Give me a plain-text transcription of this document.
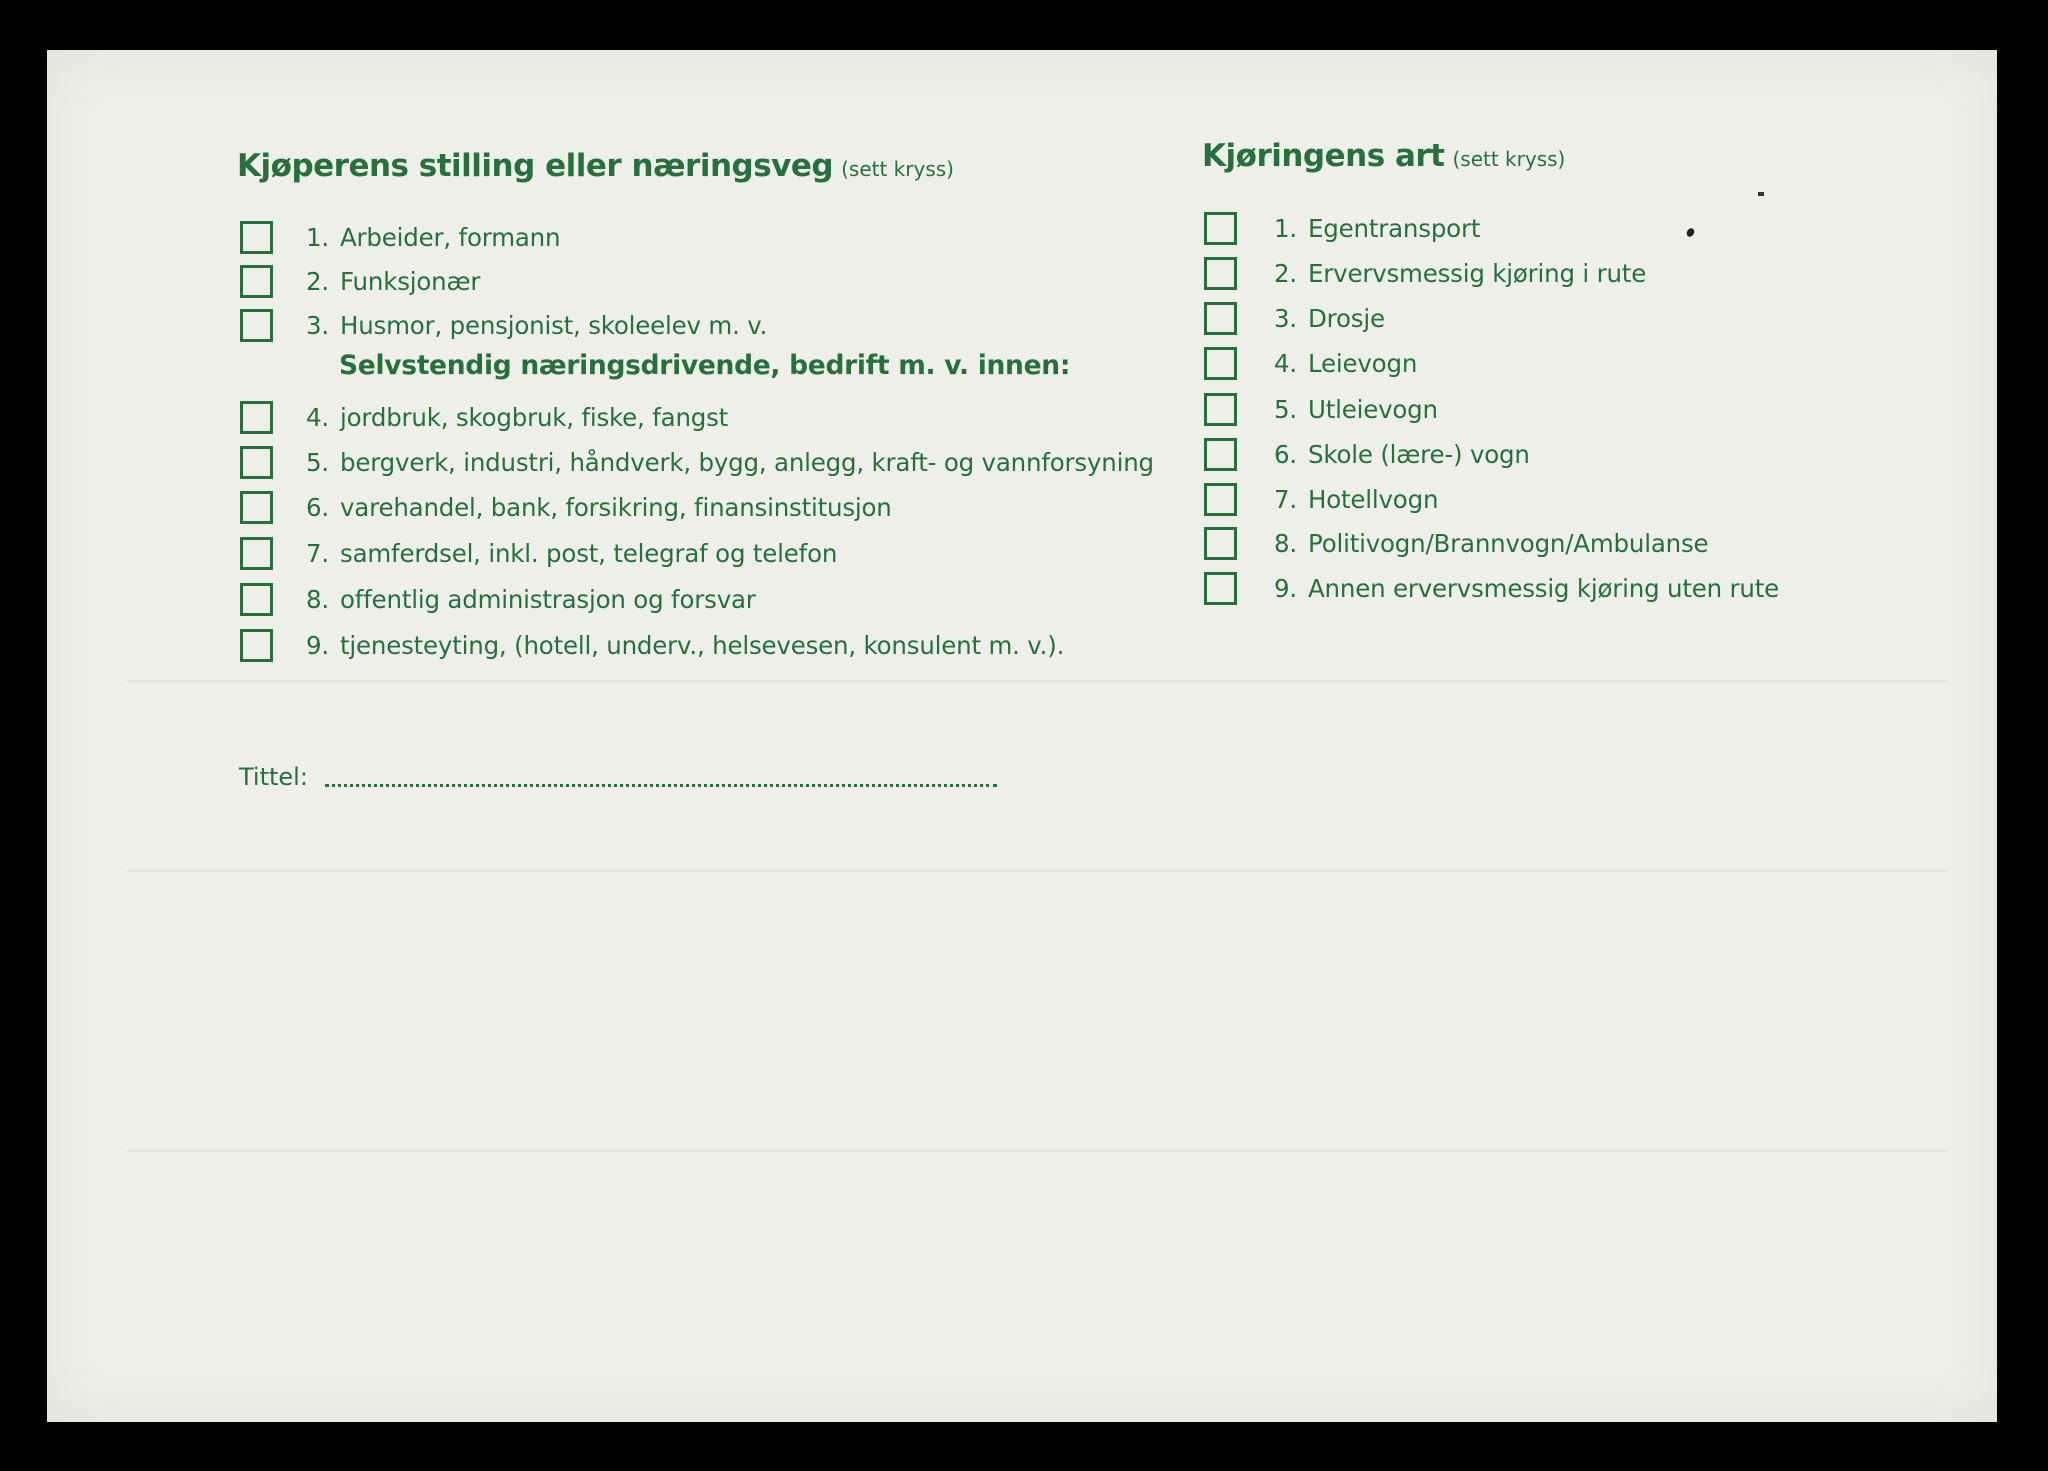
Kjøperens stilling eller næringsveg (sett kryss)
1. Arbeider, formann
2. Funksjonær
3. Husmor, pensjonist, skoleelev m. v.
Selvstendig næringsdrivende, bedrift m. v. innen:
4. jordbruk, skogbruk, fiske, fangst
5. bergverk, industri, håndverk, bygg, anlegg, kraft- og vannforsyning
6. varehandel, bank, forsikring, finansinstitusjon
7. samferdsel, inkl. post, telegraf og telefon
8. offentlig administrasjon og forsvar
9. tjenesteyting, (hotell, underv., helsevesen, konsulent m. v.).
Tittel:
Kjøringens art (sett kryss)
1. Egentransport
2. Ervervsmessig kjøring i rute
3. Drosje
4. Leievogn
5. Utleievogn
6. Skole (lære-) vogn
7. Hotellvogn
8. Politivogn/Brannvogn/Ambulanse
9. Annen ervervsmessig kjøring uten rute
